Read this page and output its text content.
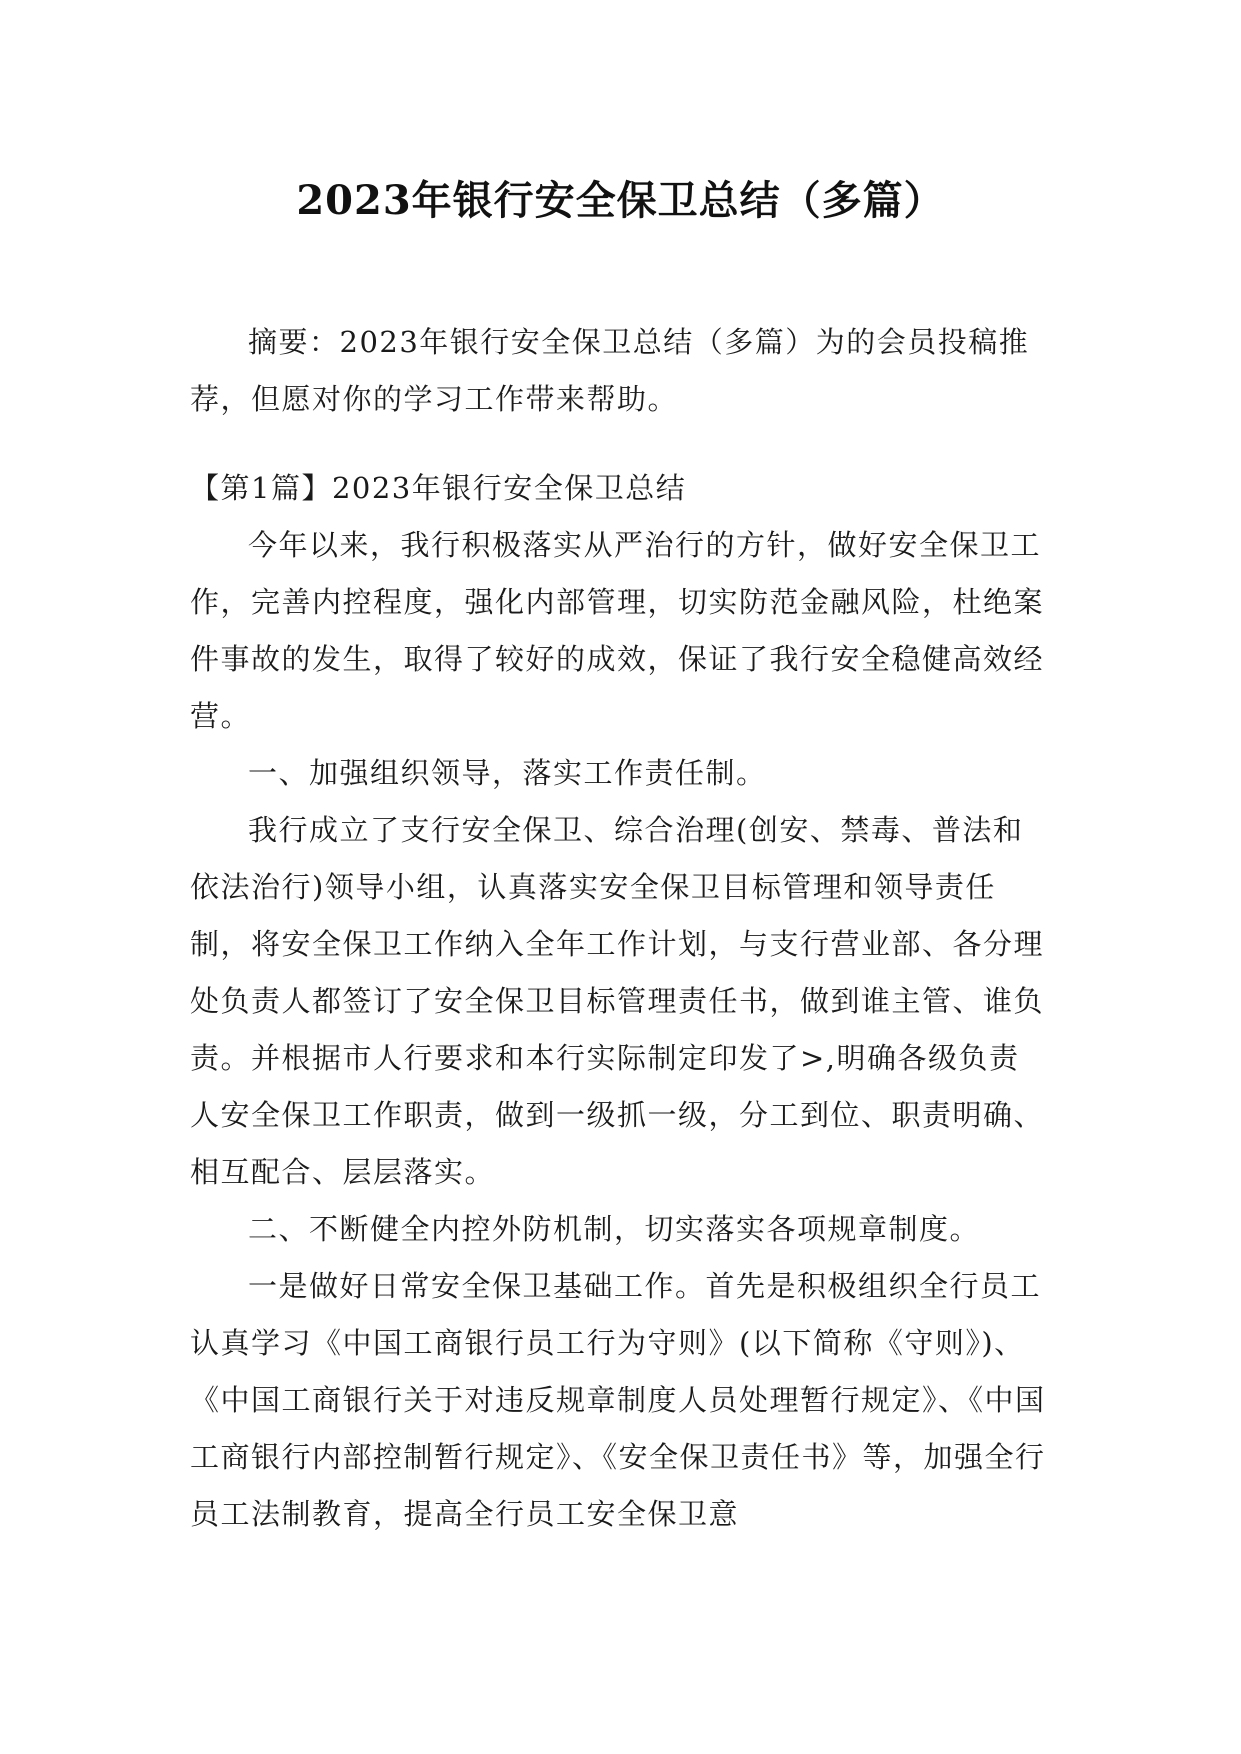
2023年银行安全保卫总结（多篇）

摘要：2023年银行安全保卫总结（多篇）为的会员投稿推荐，但愿对你的学习工作带来帮助。

【第1篇】2023年银行安全保卫总结

今年以来，我行积极落实从严治行的方针，做好安全保卫工作，完善内控程度，强化内部管理，切实防范金融风险，杜绝案件事故的发生，取得了较好的成效，保证了我行安全稳健高效经营。

一、加强组织领导，落实工作责任制。

我行成立了支行安全保卫、综合治理(创安、禁毒、普法和依法治行)领导小组，认真落实安全保卫目标管理和领导责任制，将安全保卫工作纳入全年工作计划，与支行营业部、各分理处负责人都签订了安全保卫目标管理责任书，做到谁主管、谁负责。并根据市人行要求和本行实际制定印发了>,明确各级负责人安全保卫工作职责，做到一级抓一级，分工到位、职责明确、相互配合、层层落实。

二、不断健全内控外防机制，切实落实各项规章制度。

一是做好日常安全保卫基础工作。首先是积极组织全行员工认真学习《中国工商银行员工行为守则》(以下简称《守则》)、《中国工商银行关于对违反规章制度人员处理暂行规定》、《中国工商银行内部控制暂行规定》、《安全保卫责任书》等，加强全行员工法制教育，提高全行员工安全保卫意
